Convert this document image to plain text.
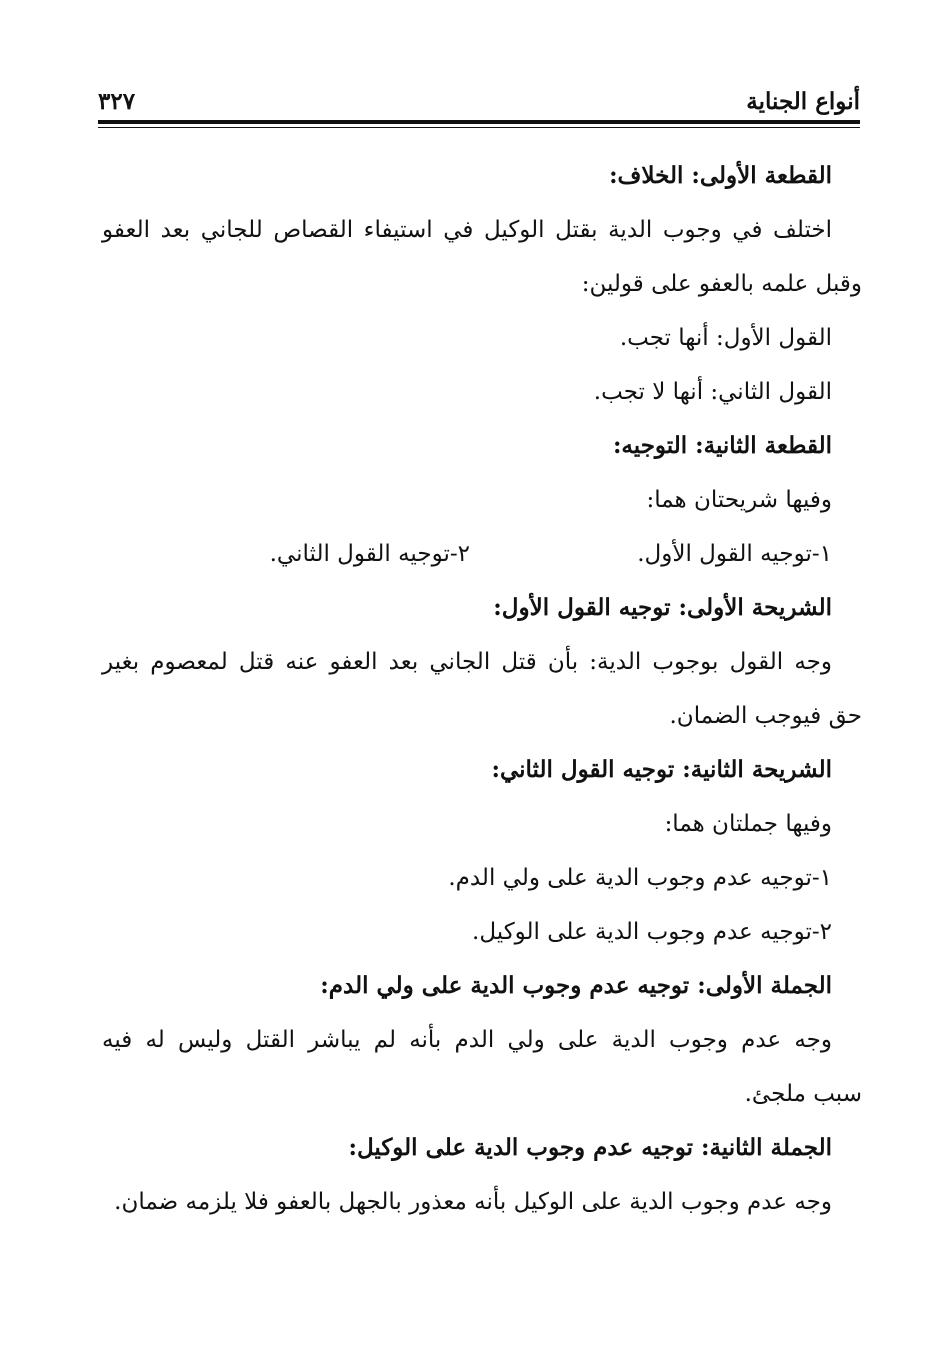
أنواع الجناية
٣٢٧
القطعة الأولى: الخلاف:
اختلف في وجوب الدية بقتل الوكيل في استيفاء القصاص للجاني بعد العفو
وقبل علمه بالعفو على قولين:
القول الأول: أنها تجب.
القول الثاني: أنها لا تجب.
القطعة الثانية: التوجيه:
وفيها شريحتان هما:
١-توجيه القول الأول.
٢-توجيه القول الثاني.
الشريحة الأولى: توجيه القول الأول:
وجه القول بوجوب الدية: بأن قتل الجاني بعد العفو عنه قتل لمعصوم بغير
حق فيوجب الضمان.
الشريحة الثانية: توجيه القول الثاني:
وفيها جملتان هما:
١-توجيه عدم وجوب الدية على ولي الدم.
٢-توجيه عدم وجوب الدية على الوكيل.
الجملة الأولى: توجيه عدم وجوب الدية على ولي الدم:
وجه عدم وجوب الدية على ولي الدم بأنه لم يباشر القتل وليس له فيه
سبب ملجئ.
الجملة الثانية: توجيه عدم وجوب الدية على الوكيل:
وجه عدم وجوب الدية على الوكيل بأنه معذور بالجهل بالعفو فلا يلزمه ضمان.
